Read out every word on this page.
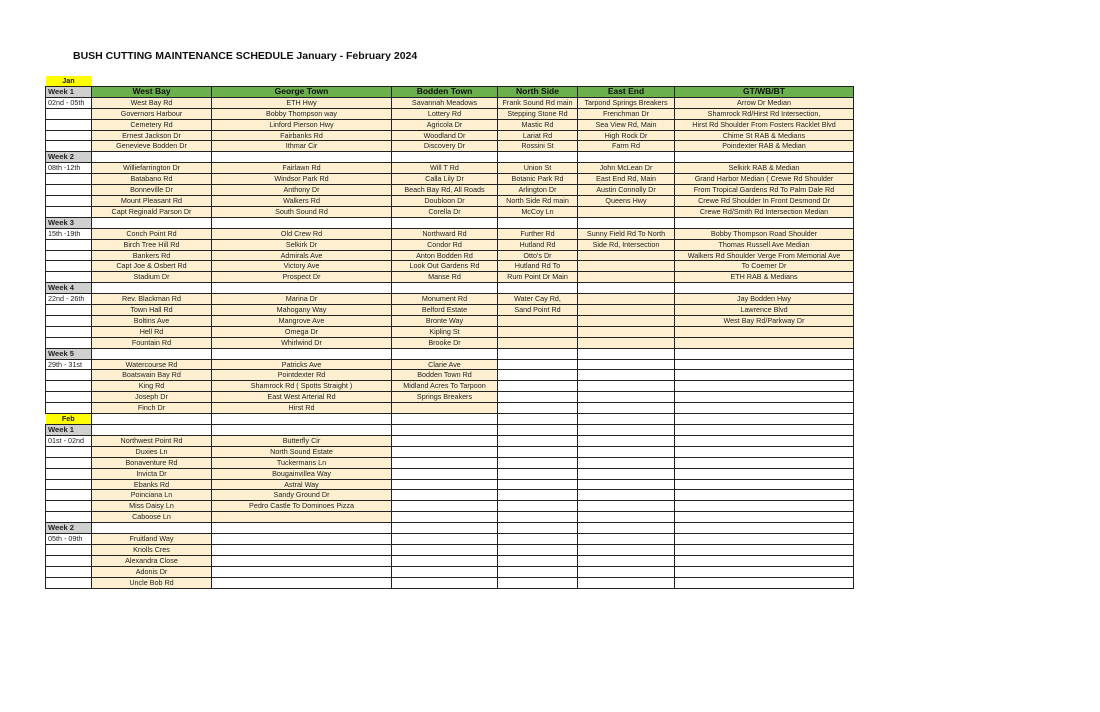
BUSH CUTTING MAINTENANCE SCHEDULE January - February 2024
Jan						
Week 1	West Bay	George Town	Bodden Town	North Side	East End	GT/WB/BT
02nd - 05th	West Bay Rd	ETH Hwy	Savannah Meadows	Frank Sound Rd main	Tarpond Springs Breakers	Arrow Dr Median
	Governors Harbour	Bobby Thompson way	Lottery Rd	Stepping Stone Rd	Frenchman Dr	Shamrock Rd/Hirst Rd Intersection,
	Cemetery Rd	Linford Pierson Hwy	Agricola Dr	Mastic Rd	Sea View Rd, Main	Hirst Rd Shoulder From Fosters Racklet Blvd
	Ernest Jackson Dr	Fairbanks Rd	Woodland Dr	Lariat Rd	High Rock Dr	Chime St RAB & Medians
	Genevieve Bodden Dr	Ithmar Cir	Discovery Dr	Rossini St	Farm Rd	Poindexter RAB & Median
Week 2						
08th -12th	Williefarrington Dr	Fairlawn Rd	Will T Rd	Union St	John McLean Dr	Selkirk RAB & Median
	Batabano Rd	Windsor Park Rd	Calla Lily Dr	Botanic Park Rd	East End Rd, Main	Grand Harbor Median ( Crewe Rd Shoulder
	Bonneville Dr	Anthony Dr	Beach Bay Rd, All Roads	Arlington Dr	Austin Connolly Dr	From Tropical Gardens Rd To Palm Dale Rd
	Mount Pleasant Rd	Walkers Rd	Doubloon Dr	North Side Rd main	Queens Hwy	Crewe Rd Shoulder In Front Desmond Dr
	Capt Reginald Parson Dr	South Sound Rd	Corella Dr	McCoy Ln		Crewe Rd/Smith Rd Intersection Median
Week 3						
15th -19th	Conch Point Rd	Old Crew Rd	Northward Rd	Further Rd	Sunny Field Rd To North	Bobby Thompson Road Shoulder
	Birch Tree Hill Rd	Selkirk Dr	Condor Rd	Hutland Rd	Side Rd, Intersection	Thomas Russell Ave Median
	Bankers Rd	Admirals Ave	Anton Bodden Rd	Otto's Dr		Walkers Rd Shoulder Verge From Memorial Ave
	Capt Joe & Osbert Rd	Victory Ave	Look Out Gardens Rd	Hutland Rd To		To Coemer Dr
	Stadium Dr	Prospect Dr	Manse Rd	Rum Point Dr Main		ETH RAB & Medians
Week 4						
22nd - 26th	Rev. Blackman Rd	Marina Dr	Monument Rd	Water Cay Rd,		Jay Bodden Hwy
	Town Hall Rd	Mahogany Way	Belford Estate	Sand Point Rd		Lawrence Blvd
	Boltins Ave	Mangrove Ave	Bronte Way			West Bay Rd/Parkway Dr
	Hell Rd	Omega Dr	Kipling St			
	Fountain Rd	Whirlwind Dr	Brooke Dr			
Week 5						
29th - 31st	Watercourse Rd	Patricks Ave	Clarie Ave			
	Boatswain Bay Rd	Pointdexter Rd	Bodden Town Rd			
	King Rd	Shamrock Rd ( Spotts Straight )	Midland Acres To Tarpoon			
	Joseph Dr	East West Arterial Rd	Springs Breakers			
	Finch Dr	Hirst Rd				
Feb						
Week 1						
01st - 02nd	Northwest Point Rd	Butterfly Cir				
	Duxies Ln	North Sound Estate				
	Bonaventure Rd	Tuckermans Ln				
	Invicta Dr	Bougainvillea Way				
	Ebanks Rd	Astral Way				
	Poinciana Ln	Sandy Ground Dr				
	Miss Daisy Ln	Pedro Castle To Dominoes Pizza				
	Caboose Ln					
Week 2						
05th - 09th	Fruitland Way					
	Knolls Cres					
	Alexandra Close					
	Adonis Dr					
	Uncle Bob Rd					
